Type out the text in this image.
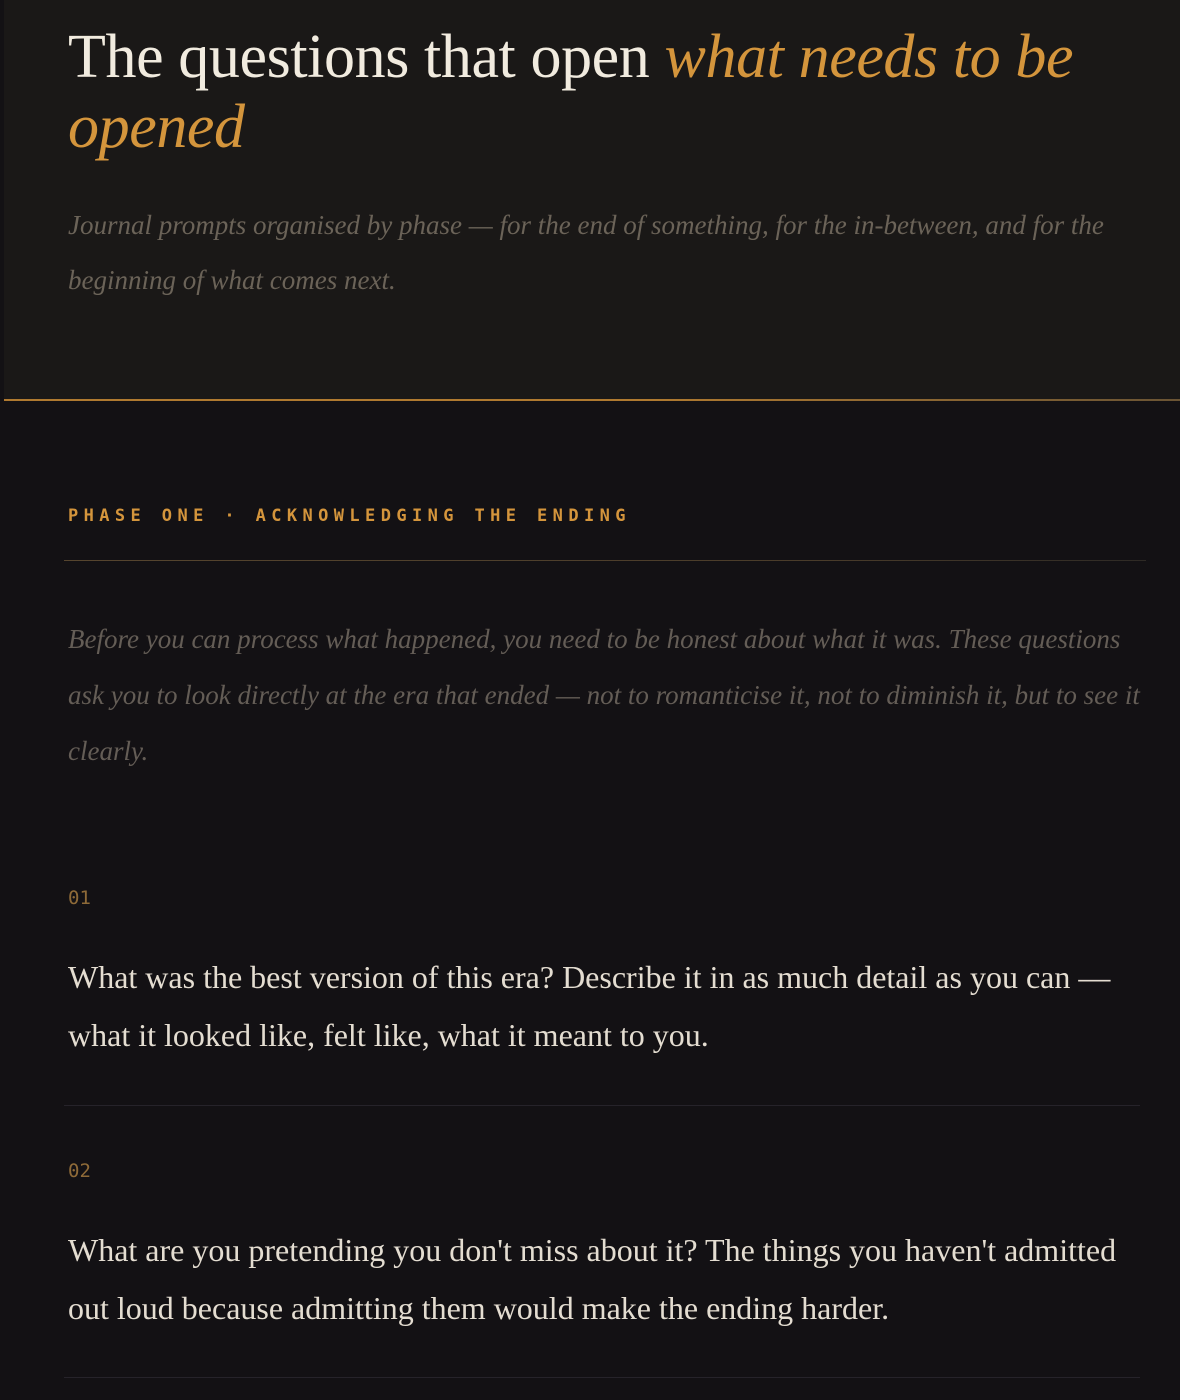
The questions that open what needs to be opened

Journal prompts organised by phase — for the end of something, for the in-between, and for the beginning of what comes next.

PHASE ONE · ACKNOWLEDGING THE ENDING

Before you can process what happened, you need to be honest about what it was. These questions ask you to look directly at the era that ended — not to romanticise it, not to diminish it, but to see it clearly.

01

What was the best version of this era? Describe it in as much detail as you can — what it looked like, felt like, what it meant to you.

02

What are you pretending you don't miss about it? The things you haven't admitted out loud because admitting them would make the ending harder.
